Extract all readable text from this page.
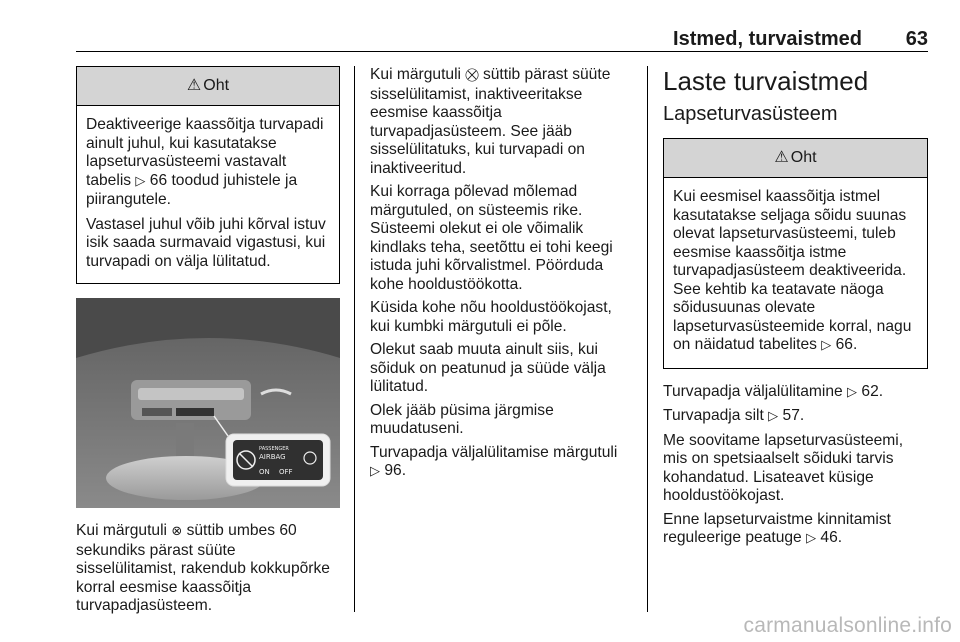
Istmed, turvaistmed 63
⚠ Oht

Deaktiveerige kaassõitja turvapadi ainult juhul, kui kasutatakse lapseturvasüsteemi vastavalt tabelis ▷ 66 toodud juhistele ja piirangutele.

Vastasel juhul võib juhi kõrval istuv isik saada surmavaid vigastusi, kui turvapadi on välja lülitatud.

PASSENGER
AIRBAG
ON OFF

Kui märgutuli ⊗ süttib umbes 60 sekundiks pärast süüte sisselülitamist, rakendub kokkupõrke korral eesmise kaassõitja turvapadjasüsteem.

Kui märgutuli ⛒ süttib pärast süüte sisselülitamist, inaktiveeritakse eesmise kaassõitja turvapadjasüsteem. See jääb sisselülitatuks, kui turvapadi on inaktiveeritud.

Kui korraga põlevad mõlemad märgutuled, on süsteemis rike. Süsteemi olekut ei ole võimalik kindlaks teha, seetõttu ei tohi keegi istuda juhi kõrvalistmel. Pöörduda kohe hooldustöökotta.

Küsida kohe nõu hooldustöökojast, kui kumbki märgutuli ei põle.

Olekut saab muuta ainult siis, kui sõiduk on peatunud ja süüde välja lülitatud.

Olek jääb püsima järgmise muudatuseni.

Turvapadja väljalülitamise märgutuli ▷ 96.

Laste turvaistmed
Lapseturvasüsteem
⚠ Oht

Kui eesmisel kaassõitja istmel kasutatakse seljaga sõidu suunas olevat lapseturvasüsteemi, tuleb eesmise kaassõitja istme turvapadjasüsteem deaktiveerida. See kehtib ka teatavate näoga sõidusuunas olevate lapseturvasüsteemide korral, nagu on näidatud tabelites ▷ 66.

Turvapadja väljalülitamine ▷ 62.

Turvapadja silt ▷ 57.

Me soovitame lapseturvasüsteemi, mis on spetsiaalselt sõiduki tarvis kohandatud. Lisateavet küsige hooldustöökojast.

Enne lapseturvaistme kinnitamist reguleerige peatuge ▷ 46.

carmanualsonline.info
